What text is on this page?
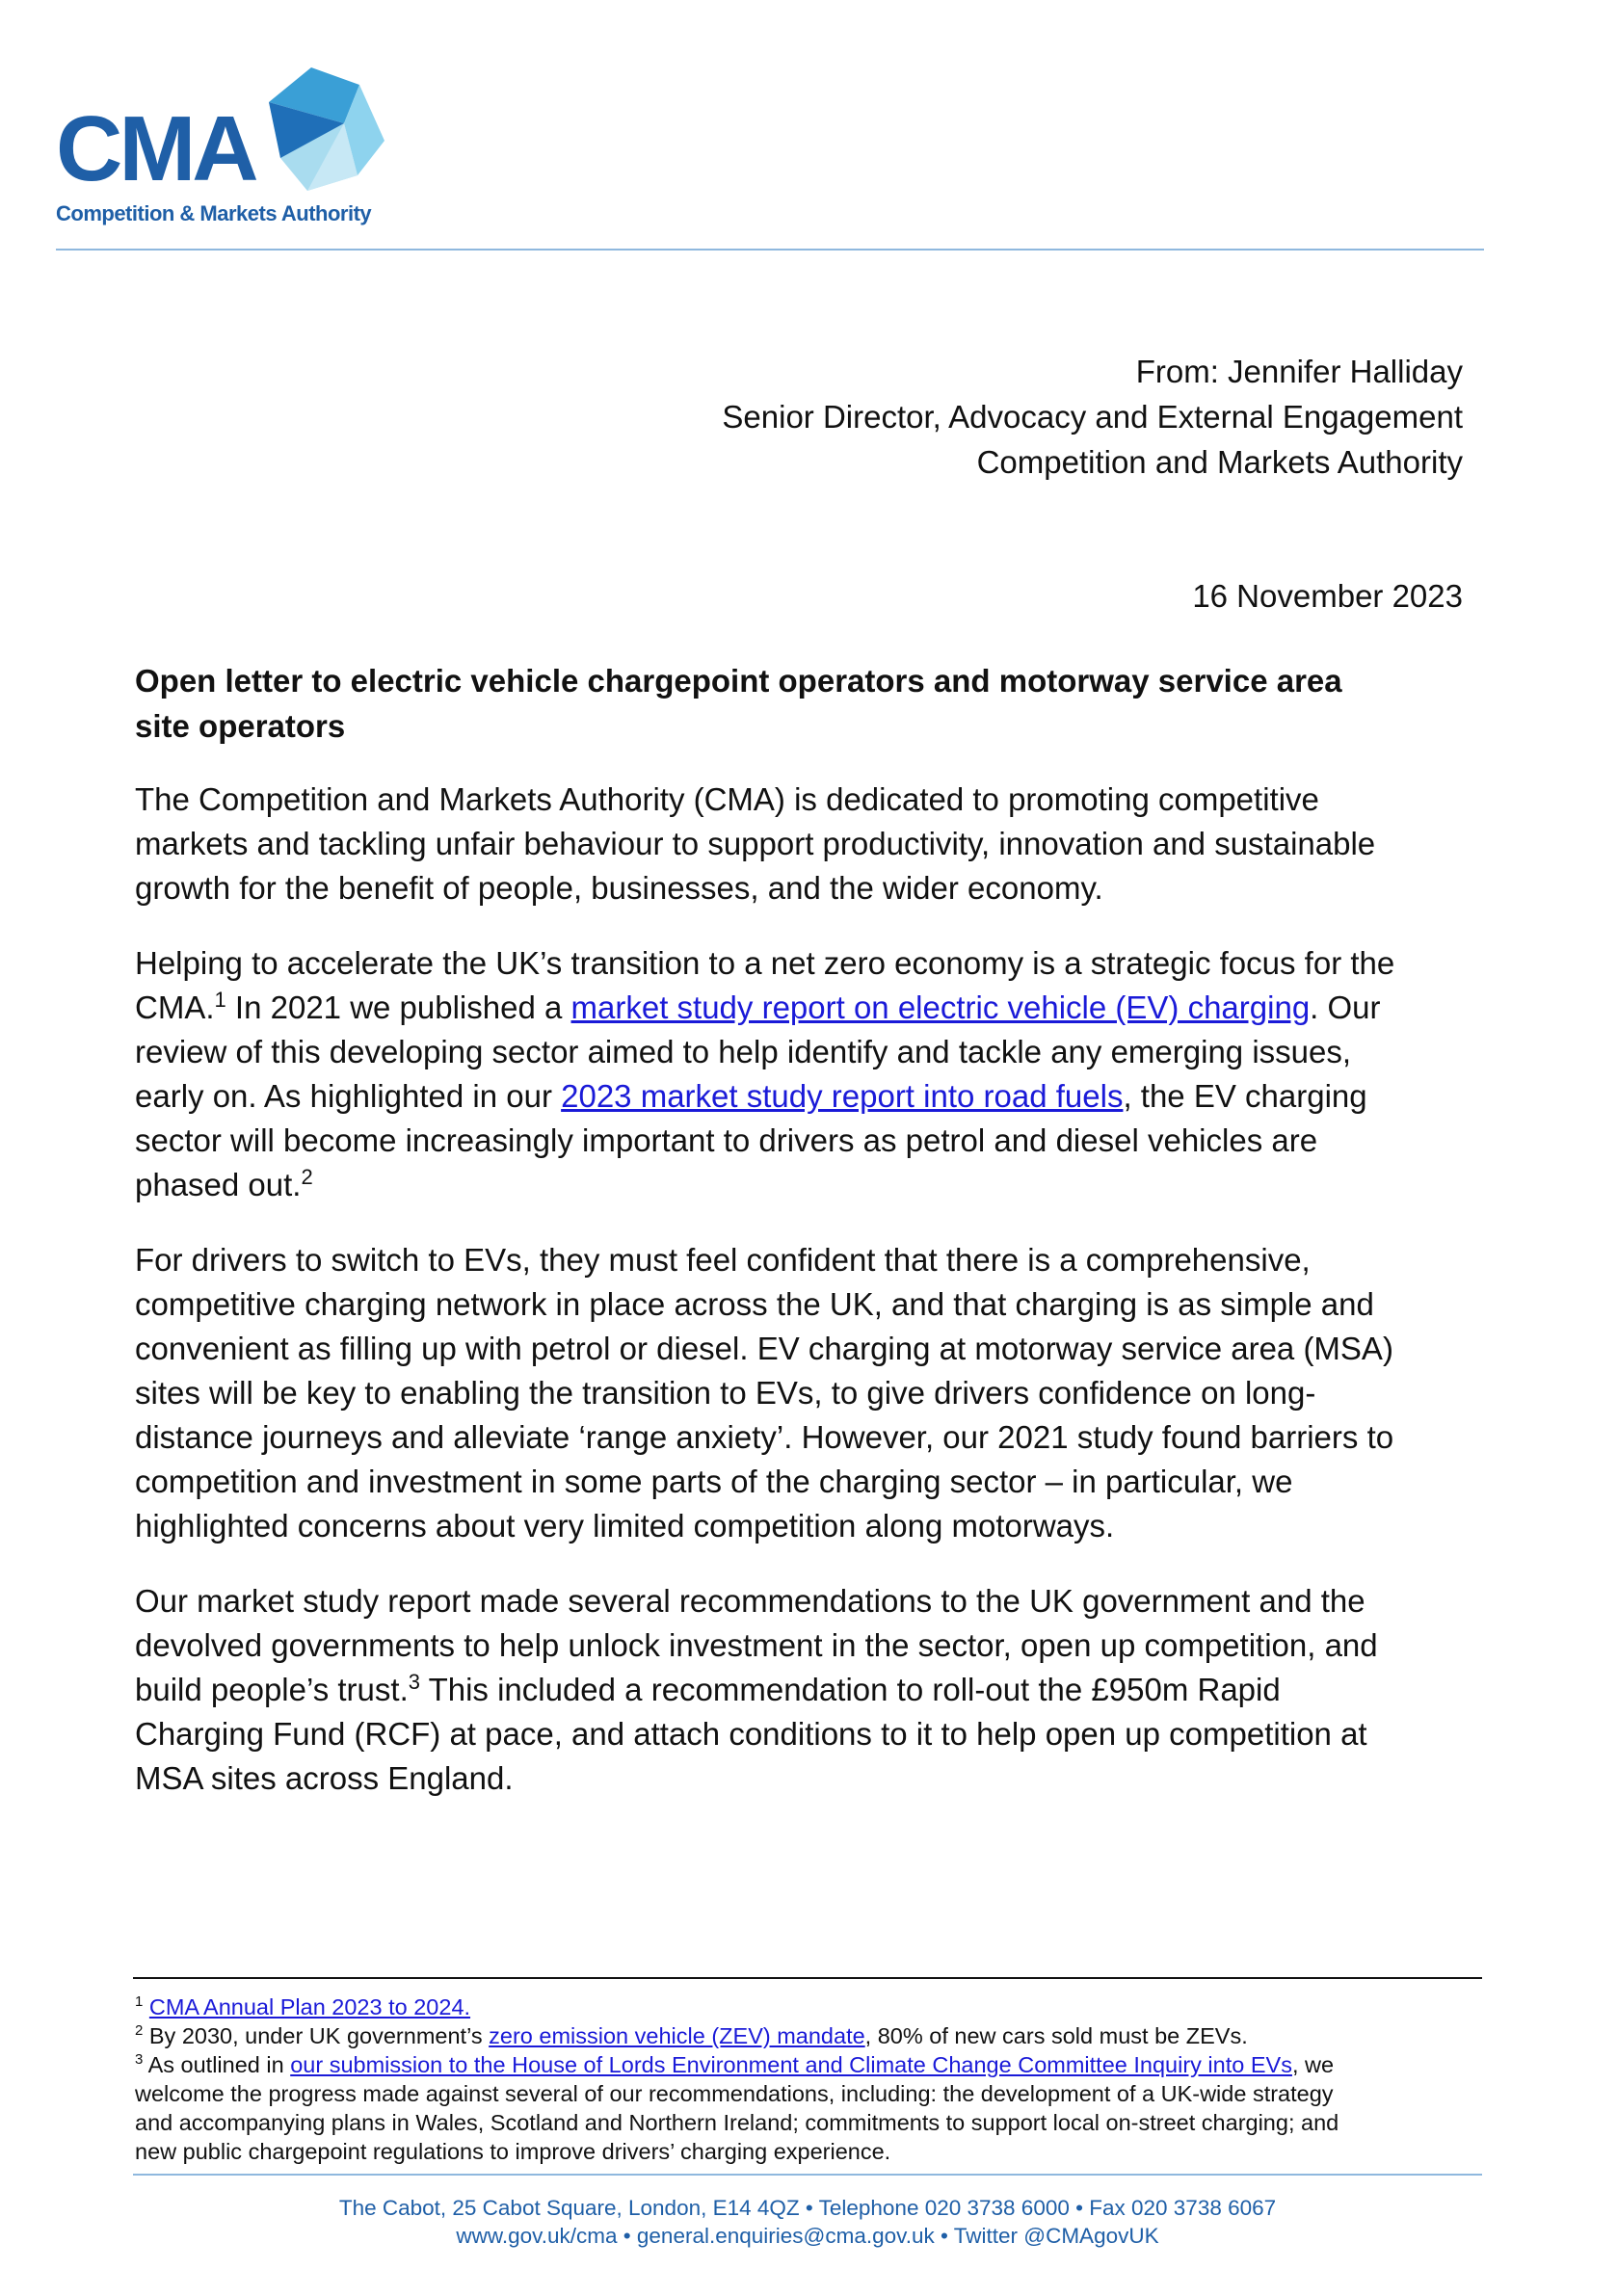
CMA
Competition & Markets Authority
From: Jennifer Halliday
Senior Director, Advocacy and External Engagement
Competition and Markets Authority
16 November 2023
Open letter to electric vehicle chargepoint operators and motorway service area
site operators

The Competition and Markets Authority (CMA) is dedicated to promoting competitive
markets and tackling unfair behaviour to support productivity, innovation and sustainable
growth for the benefit of people, businesses, and the wider economy.

Helping to accelerate the UK’s transition to a net zero economy is a strategic focus for the
CMA.$^1$ In 2021 we published a market study report on electric vehicle (EV) charging. Our
review of this developing sector aimed to help identify and tackle any emerging issues,
early on. As highlighted in our 2023 market study report into road fuels, the EV charging
sector will become increasingly important to drivers as petrol and diesel vehicles are
phased out.$^2$

For drivers to switch to EVs, they must feel confident that there is a comprehensive,
competitive charging network in place across the UK, and that charging is as simple and
convenient as filling up with petrol or diesel. EV charging at motorway service area (MSA)
sites will be key to enabling the transition to EVs, to give drivers confidence on long-
distance journeys and alleviate ‘range anxiety’. However, our 2021 study found barriers to
competition and investment in some parts of the charging sector – in particular, we
highlighted concerns about very limited competition along motorways.

Our market study report made several recommendations to the UK government and the
devolved governments to help unlock investment in the sector, open up competition, and
build people’s trust.$^3$ This included a recommendation to roll-out the £950m Rapid
Charging Fund (RCF) at pace, and attach conditions to it to help open up competition at
MSA sites across England.

$^1$ CMA Annual Plan 2023 to 2024.
$^2$ By 2030, under UK government’s zero emission vehicle (ZEV) mandate, 80% of new cars sold must be ZEVs.
$^3$ As outlined in our submission to the House of Lords Environment and Climate Change Committee Inquiry into EVs, we
welcome the progress made against several of our recommendations, including: the development of a UK-wide strategy
and accompanying plans in Wales, Scotland and Northern Ireland; commitments to support local on-street charging; and
new public chargepoint regulations to improve drivers’ charging experience.
The Cabot, 25 Cabot Square, London, E14 4QZ • Telephone 020 3738 6000 • Fax 020 3738 6067
www.gov.uk/cma • general.enquiries@cma.gov.uk • Twitter @CMAgovUK
